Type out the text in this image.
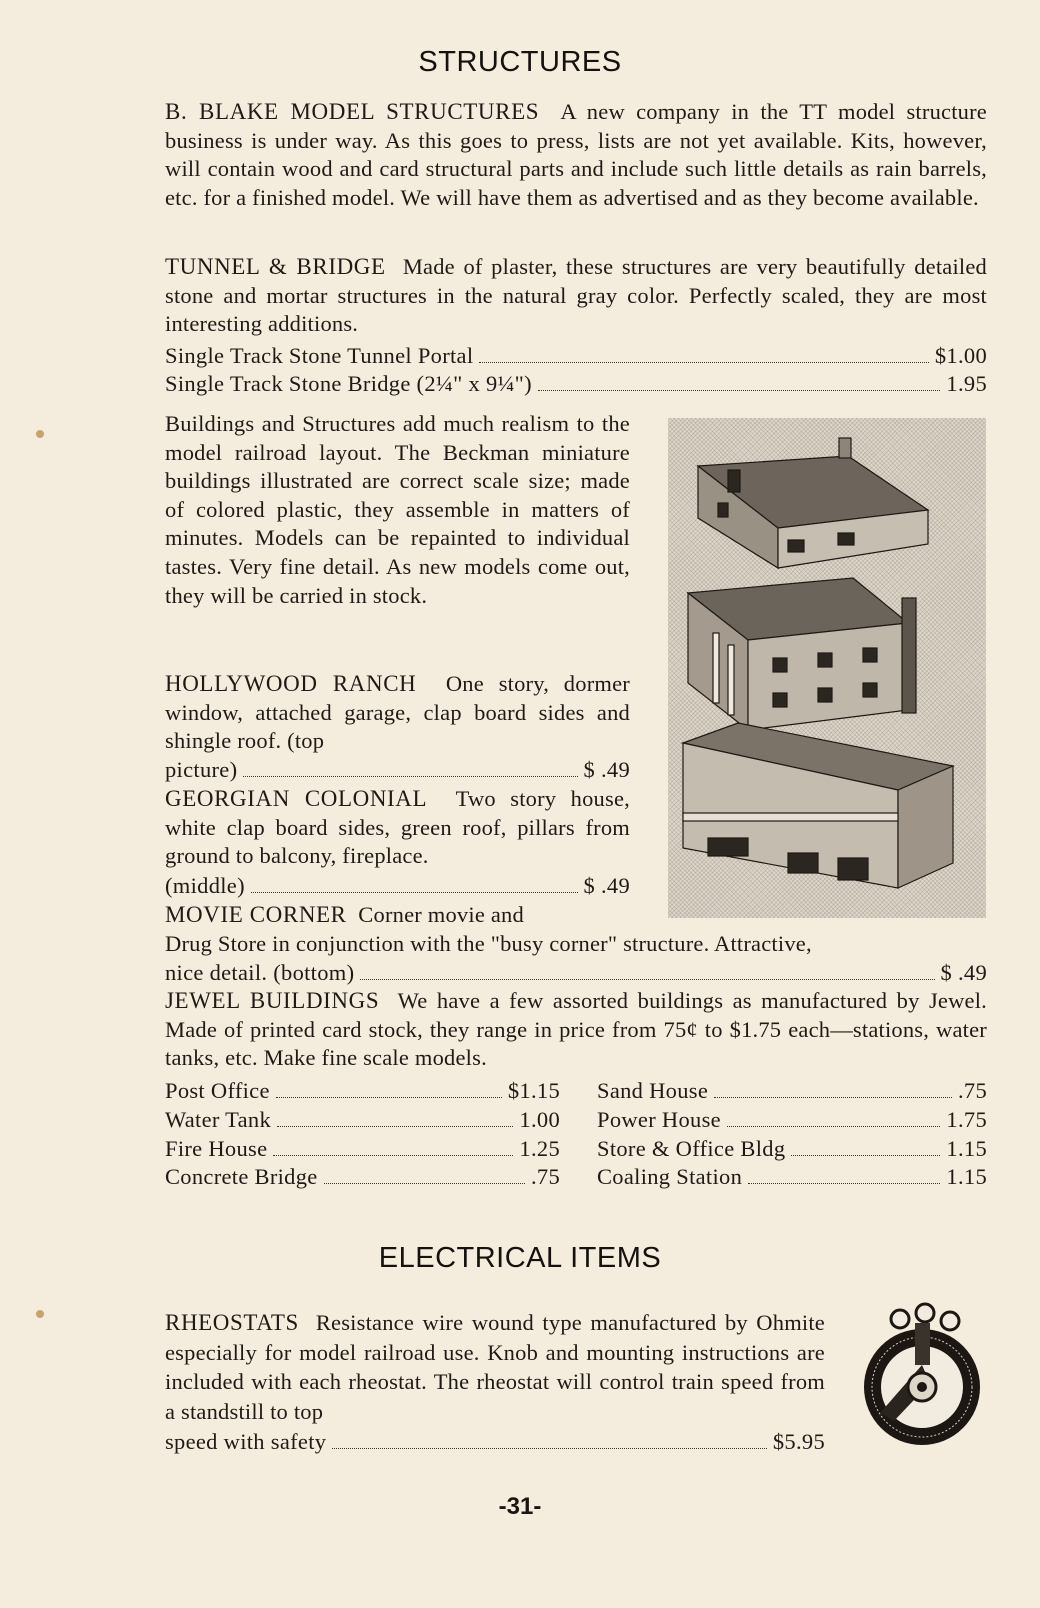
STRUCTURES
B. BLAKE MODEL STRUCTURES A new company in the TT model structure business is under way. As this goes to press, lists are not yet available. Kits, however, will contain wood and card structural parts and include such little details as rain barrels, etc. for a finished model. We will have them as advertised and as they become available.
TUNNEL & BRIDGE Made of plaster, these structures are very beautifully detailed stone and mortar structures in the natural gray color. Perfectly scaled, they are most interesting additions.
Single Track Stone Tunnel Portal	$1.00
Single Track Stone Bridge (2¼" x 9¼")	1.95
Buildings and Structures add much realism to the model railroad layout. The Beckman miniature buildings illustrated are correct scale size; made of colored plastic, they assemble in matters of minutes. Models can be repainted to individual tastes. Very fine detail. As new models come out, they will be carried in stock.
HOLLYWOOD RANCH One story, dormer window, attached garage, clap board sides and shingle roof. (top
picture)	$ .49
GEORGIAN COLONIAL Two story house, white clap board sides, green roof, pillars from ground to balcony, fireplace.
(middle)	$ .49
MOVIE CORNER Corner movie and
Drug Store in conjunction with the "busy corner" structure. Attractive,
nice detail. (bottom)	$ .49
JEWEL BUILDINGS We have a few assorted buildings as manufactured by Jewel. Made of printed card stock, they range in price from 75¢ to $1.75 each—stations, water tanks, etc. Make fine scale models.
Post Office	$1.15
Water Tank	1.00
Fire House	1.25
Concrete Bridge	.75
Sand House	.75
Power House	1.75
Store & Office Bldg	1.15
Coaling Station	1.15
ELECTRICAL ITEMS
RHEOSTATS Resistance wire wound type manufactured by Ohmite especially for model railroad use. Knob and mounting instructions are included with each rheostat. The rheostat will control train speed from a standstill to top
speed with safety	$5.95
-31-
